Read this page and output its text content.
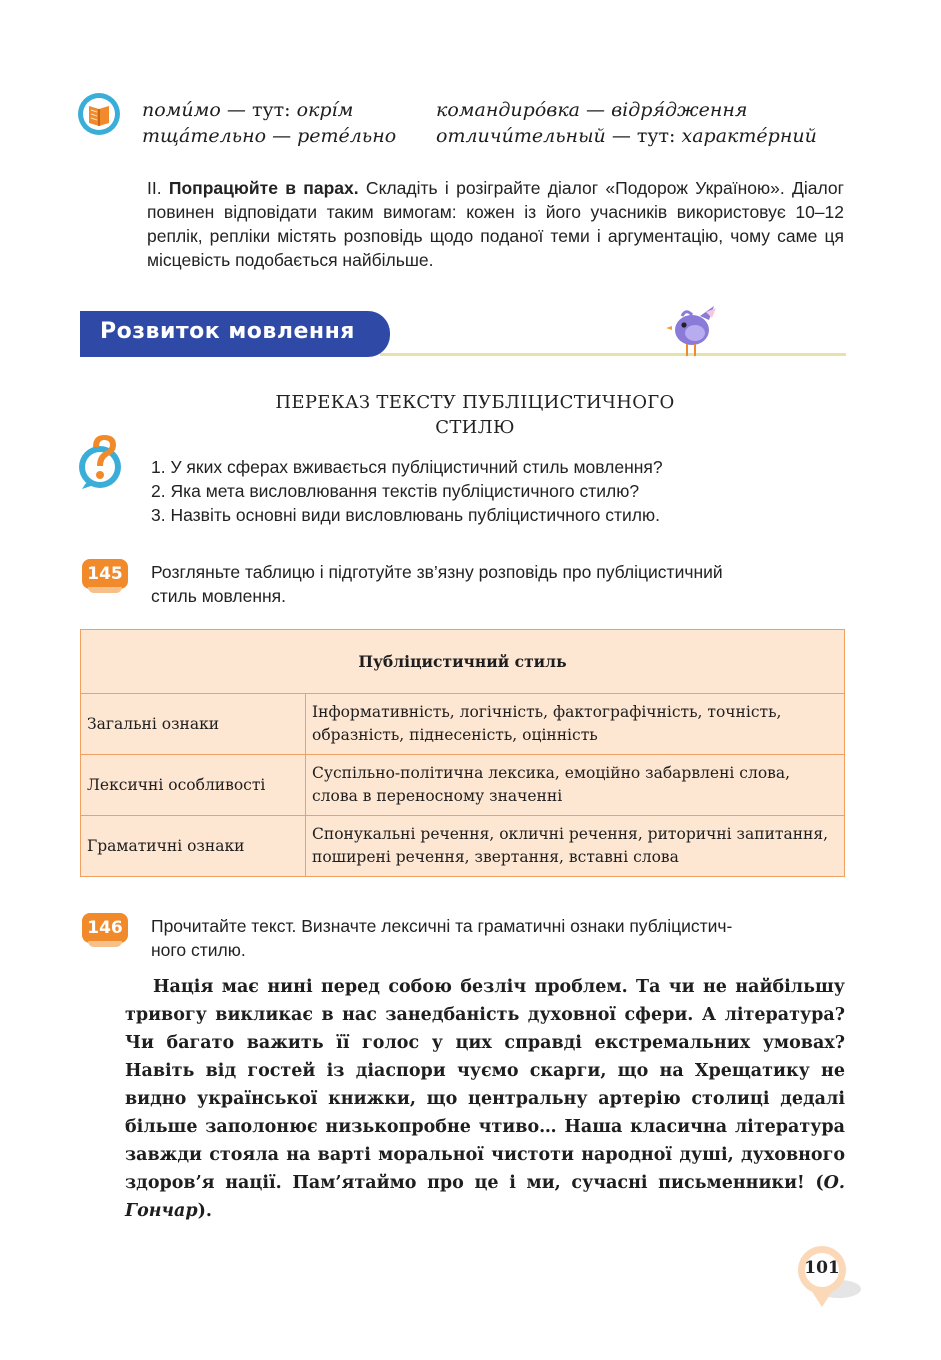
помúмо — тут: окрíм
тщáтельно — ретéльно
командирóвка — відря́дження
отличúтельный — тут: характéрний
II. Попрацюйте в парах. Складіть і розіграйте діалог «Подорож Україною». Діалог повинен відповідати таким вимогам: кожен із його учасників використовує 10–12 реплік, репліки містять розповідь щодо поданої теми і аргументацію, чому саме ця місцевість подобається найбільше.
Розвиток мовлення
ПЕРЕКАЗ ТЕКСТУ ПУБЛІЦИСТИЧНОГО
СТИЛЮ
1. У яких сферах вживається публіцистичний стиль мовлення?
2. Яка мета висловлювання текстів публіцистичного стилю?
3. Назвіть основні види висловлювань публіцистичного стилю.
145	Розгляньте таблицю і підготуйте зв’язну розповідь про публіцистичний
стиль мовлення.
Публіцистичний стиль	
Загальні ознаки	Інформативність, логічність, фактографічність, точність, образність, піднесеність, оцінність
Лексичні особливості	Суспільно-політична лексика, емоційно забарвлені слова, слова в переносному значенні
Граматичні ознаки	Спонукальні речення, окличні речення, риторичні запитання, поширені речення, звертання, вставні слова
146	Прочитайте текст. Визначте лексичні та граматичні ознаки публіцистич-
ного стилю.
Нація має нині перед собою безліч проблем. Та чи не найбільшу тривогу викликає в нас занедбаність духовної сфери. А література? Чи багато важить її голос у цих справді екстремальних умовах? Навіть від гостей із діаспори чуємо скарги, що на Хрещатику не видно української книжки, що центральну артерію столиці дедалі більше заполонює низькопробне чтиво… Наша класична література завжди стояла на варті моральної чистоти народної душі, духовного здоров’я нації. Пам’ятаймо про це і ми, сучасні письменники! (О. Гончар).
101
